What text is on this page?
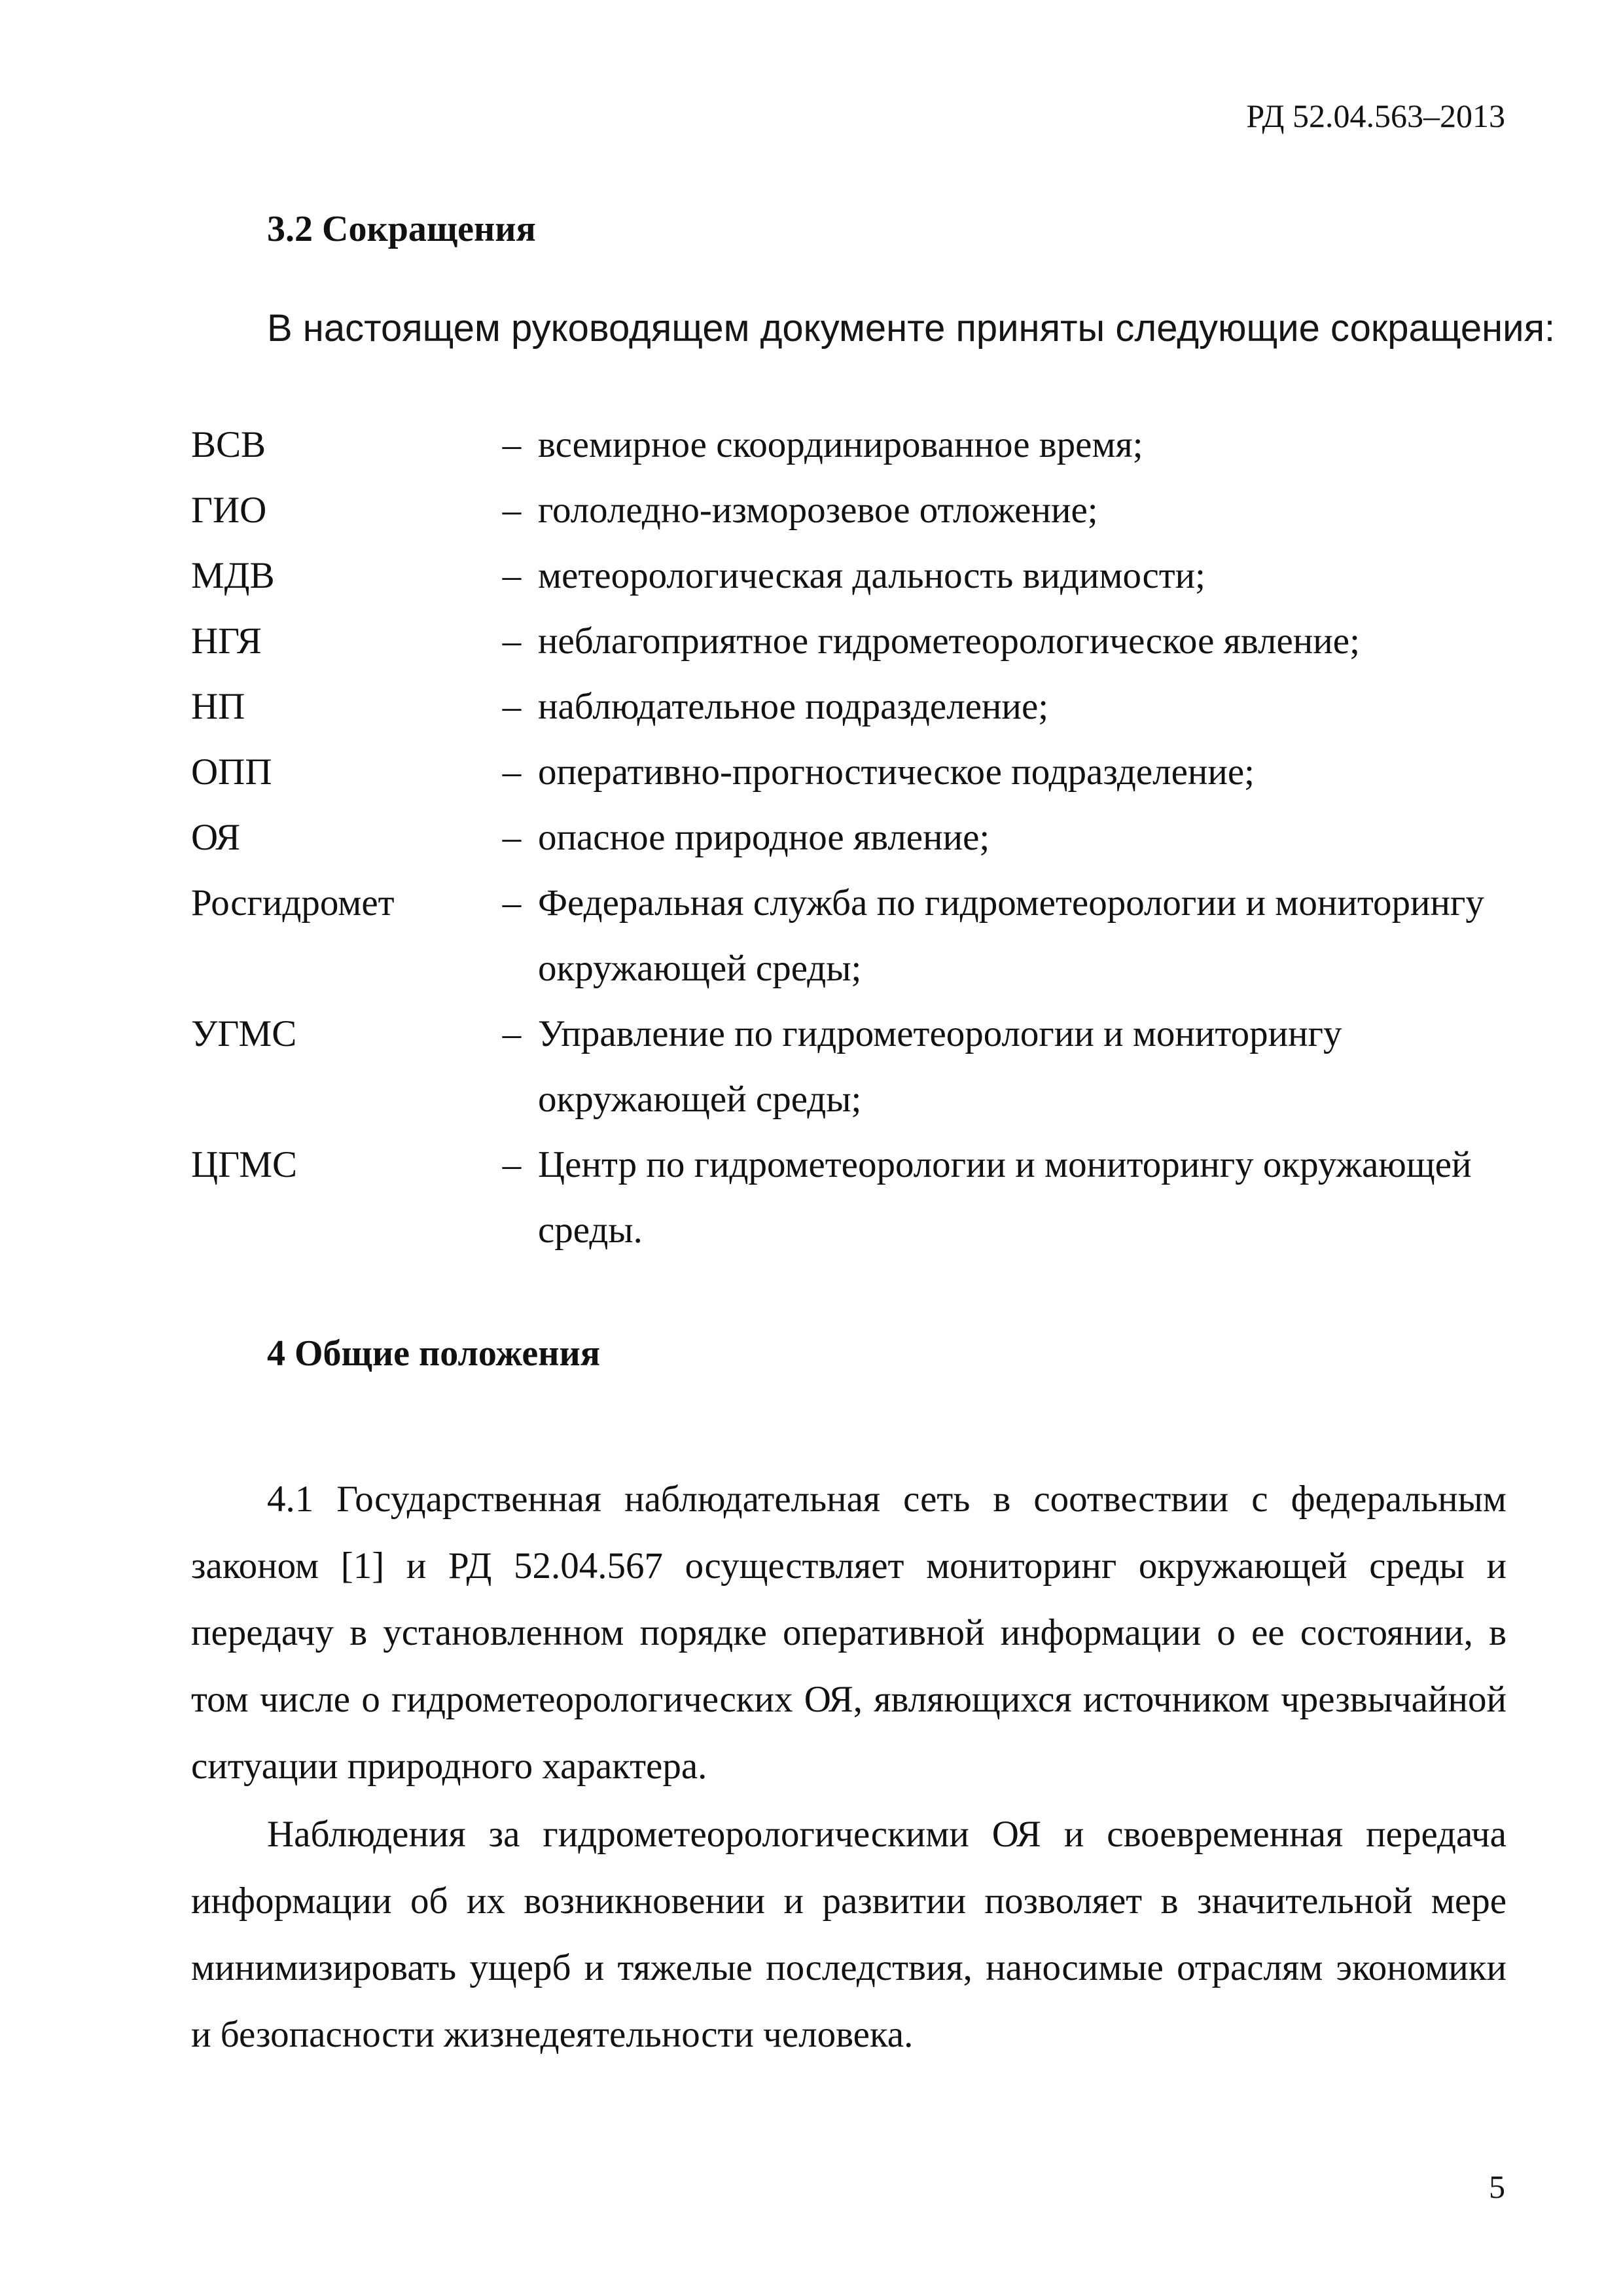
РД 52.04.563–2013
3.2 Сокращения
В настоящем руководящем документе приняты следующие сокращения:
ВСВ	– всемирное скоординированное время;
ГИО	– гололедно-изморозевое отложение;
МДВ	– метеорологическая дальность видимости;
НГЯ	– неблагоприятное гидрометеорологическое явление;
НП	– наблюдательное подразделение;
ОПП	– оперативно-прогностическое подразделение;
ОЯ	– опасное природное явление;
Росгидромет	– Федеральная служба по гидрометеорологии и мониторингу окружающей среды;
УГМС	– Управление по гидрометеорологии и мониторингу окружающей среды;
ЦГМС	– Центр по гидрометеорологии и мониторингу окружающей среды.
4 Общие положения

4.1 Государственная наблюдательная сеть в соотвествии с федеральным законом [1] и РД 52.04.567 осуществляет мониторинг окружающей среды и передачу в установленном порядке оперативной информации о ее состоянии, в том числе о гидрометеорологических ОЯ, являющихся источником чрезвычайной ситуации природного характера.

Наблюдения за гидрометеорологическими ОЯ и своевременная передача информации об их возникновении и развитии позволяет в значительной мере минимизировать ущерб и тяжелые последствия, наносимые отраслям экономики и безопасности жизнедеятельности человека.

5
